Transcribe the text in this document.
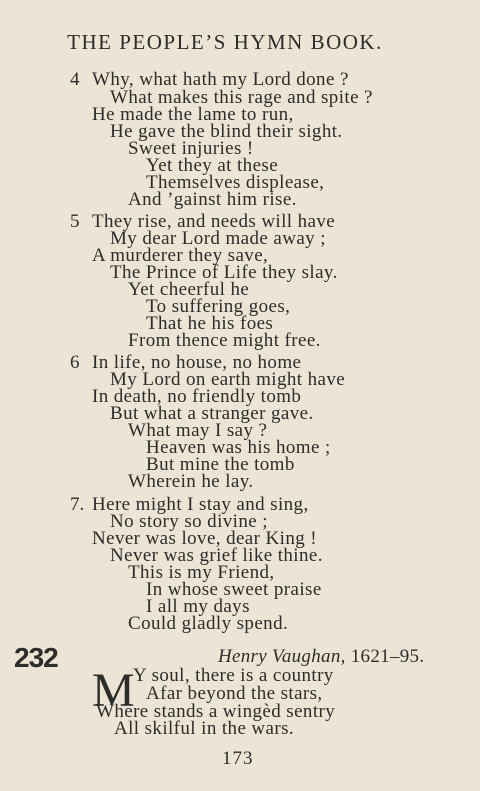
THE PEOPLE’S HYMN BOOK.
4 Why, what hath my Lord done ?
What makes this rage and spite ?
He made the lame to run,
He gave the blind their sight.
Sweet injuries !
Yet they at these
Themselves displease,
And ’gainst him rise.
5 They rise, and needs will have
My dear Lord made away ;
A murderer they save,
The Prince of Life they slay.
Yet cheerful he
To suffering goes,
That he his foes
From thence might free.
6 In life, no house, no home
My Lord on earth might have
In death, no friendly tomb
But what a stranger gave.
What may I say ?
Heaven was his home ;
But mine the tomb
Wherein he lay.
7. Here might I stay and sing,
No story so divine ;
Never was love, dear King !
Never was grief like thine.
This is my Friend,
In whose sweet praise
I all my days
Could gladly spend.
232	Henry Vaughan, 1621–95.
M
Y soul, there is a country
Afar beyond the stars,
Where stands a wingèd sentry
All skilful in the wars.
173
